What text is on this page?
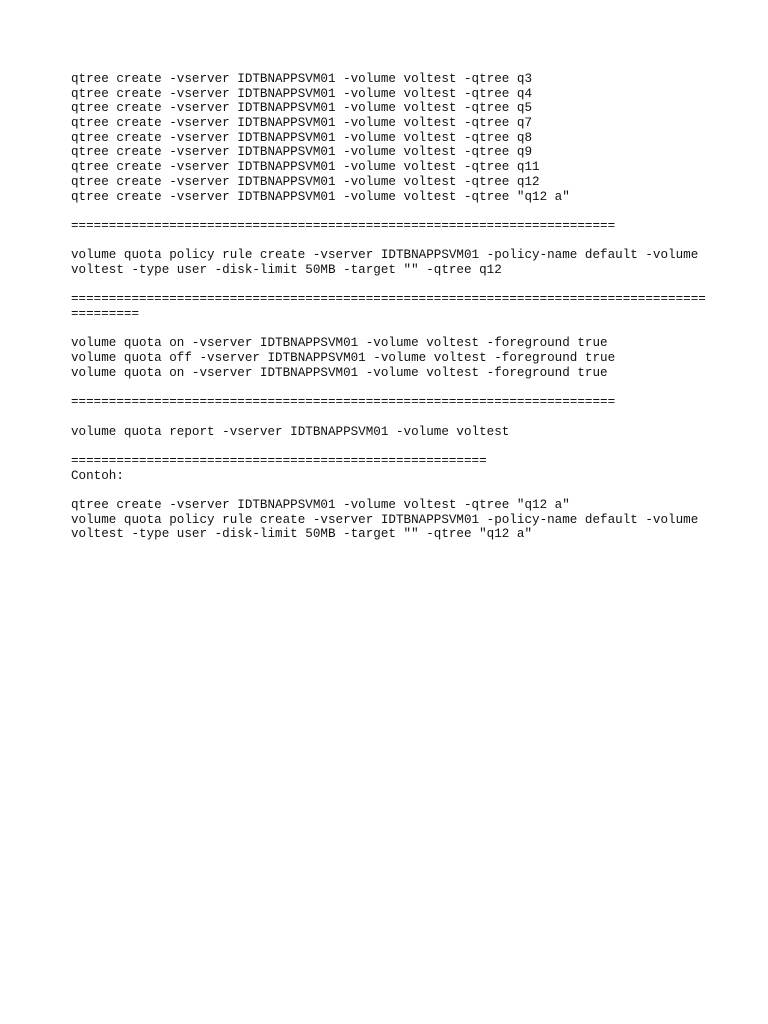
qtree create -vserver IDTBNAPPSVM01 -volume voltest -qtree q3
qtree create -vserver IDTBNAPPSVM01 -volume voltest -qtree q4
qtree create -vserver IDTBNAPPSVM01 -volume voltest -qtree q5
qtree create -vserver IDTBNAPPSVM01 -volume voltest -qtree q7
qtree create -vserver IDTBNAPPSVM01 -volume voltest -qtree q8
qtree create -vserver IDTBNAPPSVM01 -volume voltest -qtree q9
qtree create -vserver IDTBNAPPSVM01 -volume voltest -qtree q11
qtree create -vserver IDTBNAPPSVM01 -volume voltest -qtree q12
qtree create -vserver IDTBNAPPSVM01 -volume voltest -qtree "q12 a"
========================================================================
volume quota policy rule create -vserver IDTBNAPPSVM01 -policy-name default -volume
voltest -type user -disk-limit 50MB -target "" -qtree q12
====================================================================================
=========
volume quota on -vserver IDTBNAPPSVM01 -volume voltest -foreground true
volume quota off -vserver IDTBNAPPSVM01 -volume voltest -foreground true
volume quota on -vserver IDTBNAPPSVM01 -volume voltest -foreground true
========================================================================
volume quota report -vserver IDTBNAPPSVM01 -volume voltest
=======================================================
Contoh:
qtree create -vserver IDTBNAPPSVM01 -volume voltest -qtree "q12 a"
volume quota policy rule create -vserver IDTBNAPPSVM01 -policy-name default -volume
voltest -type user -disk-limit 50MB -target "" -qtree "q12 a"
